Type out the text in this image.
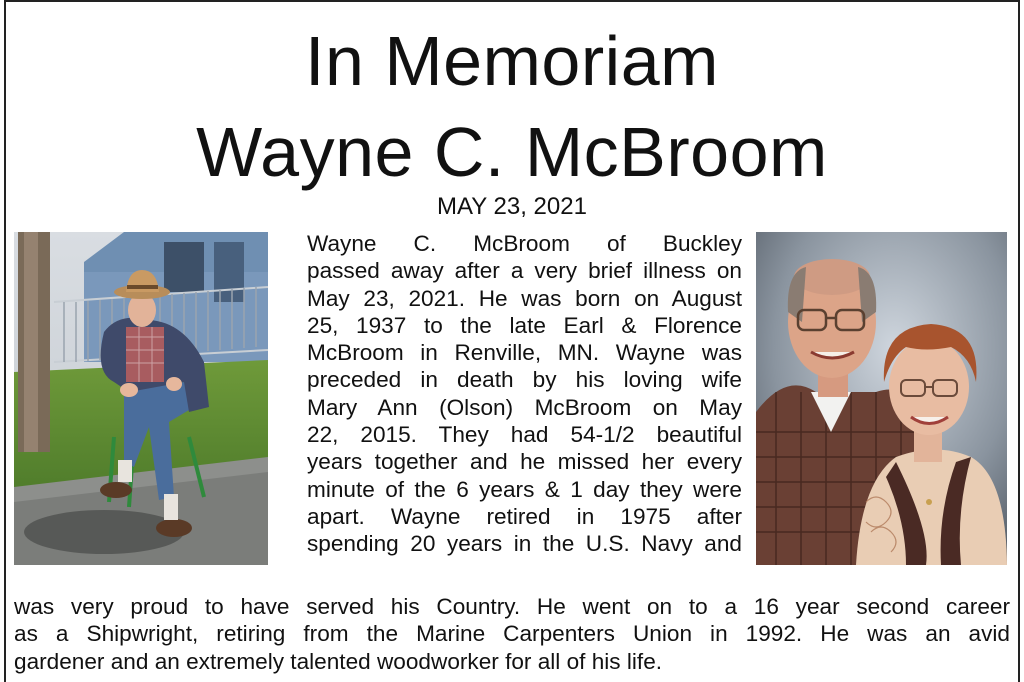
In Memoriam
Wayne C. McBroom
MAY 23, 2021
Wayne C. McBroom of Buckley
passed away after a very brief illness on
May 23, 2021. He was born on August
25, 1937 to the late Earl & Florence
McBroom in Renville, MN. Wayne was
preceded in death by his loving wife
Mary Ann (Olson) McBroom on May
22, 2015. They had 54-1/2 beautiful
years together and he missed her every
minute of the 6 years & 1 day they were
apart. Wayne retired in 1975 after
spending 20 years in the U.S. Navy and
was very proud to have served his Country. He went on to a 16 year second career
as a Shipwright, retiring from the Marine Carpenters Union in 1992. He was an avid
gardener and an extremely talented woodworker for all of his life.
